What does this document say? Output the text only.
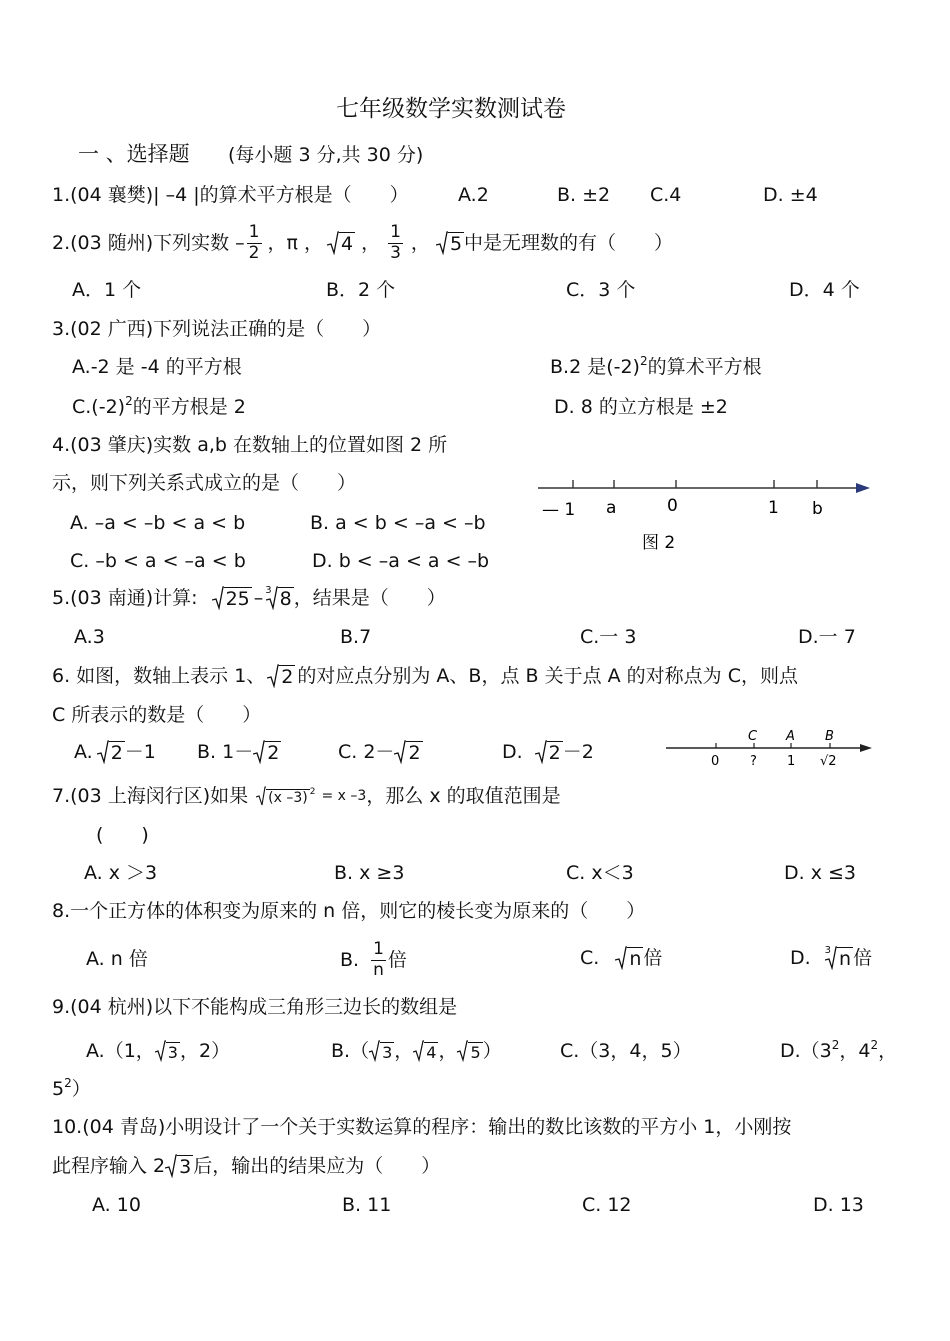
七年级数学实数测试卷
一 、选择题 (每小题 3 分,共 30 分)
1.(04 襄樊)| –4 |的算术平方根是（　　）	A.2	B. ±2 C.4	D. ±4
2.(03 随州)下列实数 – $\frac{1}{2}$ ，π ， 4 ， $\frac{1}{3}$ ，	5 中是无理数的有（　　）
A．1 个	B．2 个	C．3 个	D．4 个
3.(02 广西)下列说法正确的是（　　）
A.-2 是 -4 的平方根	B.2 是$(-2)^2$的算术平方根
$C.(-2)^2$的平方根是 2	D. 8 的立方根是 ±2
4.(03 肇庆)实数 a,b 在数轴上的位置如图 2 所
示，则下列关系式成立的是（　　）
A. –a < –b < a < b	B. a < b < –a < –b
C. –b < a < –a < b	D. b < –a < a < –b
— 1 a	0	1 b
图 2
5.(03 南通)计算:	25 – $^3$ 8 ，结果是（　　）
A.3	B.7	C.一 3	D.一 7
6. 如图，数轴上表示 1、 2 的对应点分别为 A、B，点 B 关于点 A 的对称点为 C，则点
C 所表示的数是（　　）
A. 2 －1 B. 1－ 2	C. 2－ 2	D.	2 －2
C A B
0 ? 1 √2
7.(03 上海闵行区)如果	(x –3) $^2$ = x –3 ，那么 x 的取值范围是
(　　)
A. x ＞3	B. x ≥3	C. x＜3	D. x ≤3
8.一个正方体的体积变为原来的 n 倍，则它的棱长变为原来的（　　）
A. n 倍	B. $\frac{1}{n}$ 倍	C.	n 倍	D. $^3$ n 倍
9.(04 杭州)以下不能构成三角形三边长的数组是
A.（1， 3 ，2）	B.（ 3 ， 4 ， 5 ）	C.（3，4，5）	$D.(3^2$，$4^2$，
$5^2$）
10.(04 青岛)小明设计了一个关于实数运算的程序：输出的数比该数的平方小 1，小刚按
此程序输入 2 3 后，输出的结果应为（　　）
A. 10	B. 11	C. 12	D. 13
